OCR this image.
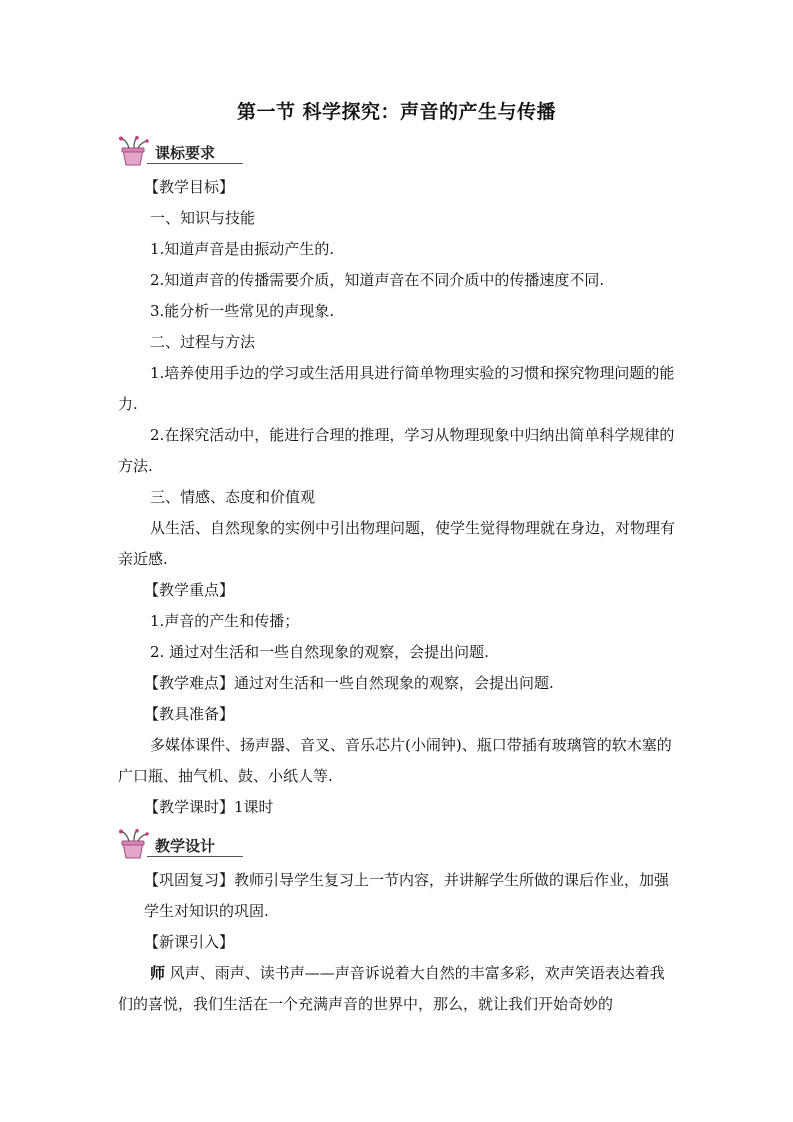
第一节 科学探究：声音的产生与传播
课标要求

【教学目标】

一、知识与技能

1.知道声音是由振动产生的.

2.知道声音的传播需要介质，知道声音在不同介质中的传播速度不同.

3.能分析一些常见的声现象.

二、过程与方法

1.培养使用手边的学习或生活用具进行简单物理实验的习惯和探究物理问题的能力.

2.在探究活动中，能进行合理的推理，学习从物理现象中归纳出简单科学规律的方法.

三、情感、态度和价值观

从生活、自然现象的实例中引出物理问题，使学生觉得物理就在身边，对物理有亲近感.

【教学重点】

1.声音的产生和传播；

2. 通过对生活和一些自然现象的观察，会提出问题.

【教学难点】通过对生活和一些自然现象的观察，会提出问题.

【教具准备】

多媒体课件、扬声器、音叉、音乐芯片(小闹钟)、瓶口带插有玻璃管的软木塞的广口瓶、抽气机、鼓、小纸人等.

【教学课时】1课时

教学设计

【巩固复习】教师引导学生复习上一节内容，并讲解学生所做的课后作业，加强学生对知识的巩固.

【新课引入】

师 风声、雨声、读书声——声音诉说着大自然的丰富多彩，欢声笑语表达着我们的喜悦，我们生活在一个充满声音的世界中，那么，就让我们开始奇妙的
